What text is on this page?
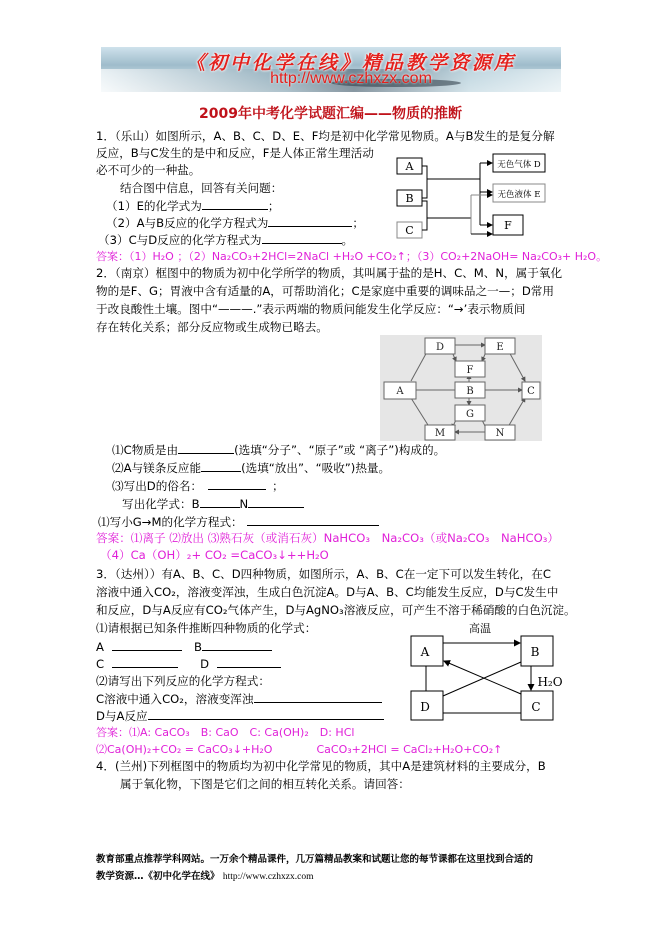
《初中化学在线》精品教学资源库
http://www.czhxzx.com
2009年中考化学试题汇编——物质的推断
1．（乐山）如图所示，A、B、C、D、E、F均是初中化学常见物质。A与B发生的是复分解
反应，B与C发生的是中和反应，F是人体正常生理活动
必不可少的一种盐。
结合图中信息，回答有关问题：
（1）E的化学式为	；
（2）A与B反应的化学方程式为	；
（3）C与D反应的化学方程式为	。
答案：（1）H₂O ；（2）Na₂CO₃+2HCl=2NaCl +H₂O +CO₂↑；（3）CO₂+2NaOH= Na₂CO₃+ H₂O。
2．（南京）框图中的物质为初中化学所学的物质，其叫属于盐的是H、C、M、N，属于氧化
物的是F、G；胃液中含有适量的A，可帮助消化；C是家庭中重要的调味品之一—；D常用
于改良酸性土壤。图中“———.”表示两端的物质问能发生化学反应：“→’表示物质间
存在转化关系；部分反应物或生成物已略去。
⑴C物质是由	(选填“分子”、“原子”或 “离子”)构成的。
⑵A与镁条反应能	(选填“放出”、“吸收”)热量。
⑶写出D的俗名：	；
写出化学式：B	N
⑴写小G→M的化学方程式：
答案：⑴离子 ⑵放出 ⑶熟石灰（或消石灰）NaHCO₃　Na₂CO₃（或Na₂CO₃　NaHCO₃）
（4）Ca（OH）₂+ CO₂ =CaCO₃↓++H₂O
3．（达州））有A、B、C、D四种物质，如图所示，A、B、C在一定下可以发生转化，在C
溶液中通入CO₂，溶液变浑浊，生成白色沉淀A。D与A、B、C均能发生反应，D与C发生中
和反应，D与A反应有CO₂气体产生，D与AgNO₃溶液反应，可产生不溶于稀硝酸的白色沉淀。
⑴请根据已知条件推断四种物质的化学式：
A	B
C	D
⑵请写出下列反应的化学方程式：
C溶液中通入CO₂，溶液变浑浊
D与A反应
答案：⑴A: CaCO₃　B: CaO　C: Ca(OH)₂　D: HCl
⑵Ca(OH)₂+CO₂ = CaCO₃↓+H₂O　　　　CaCO₃+2HCl = CaCl₂+H₂O+CO₂↑
4．(兰州)下列框图中的物质均为初中化学常见的物质，其中A是建筑材料的主要成分，B
属于氧化物，下图是它们之间的相互转化关系。请回答：
A
B
C
无色气体 D
无色液体 E
F
D	E
F
A	B	C
G
M	N
A	B
C
D
高温
H₂O
教育部重点推荐学科网站。一万余个精品课件，几万篇精品教案和试题让您的每节课都在这里找到合适的
教学资源…《初中化学在线》 http://www.czhxzx.com
